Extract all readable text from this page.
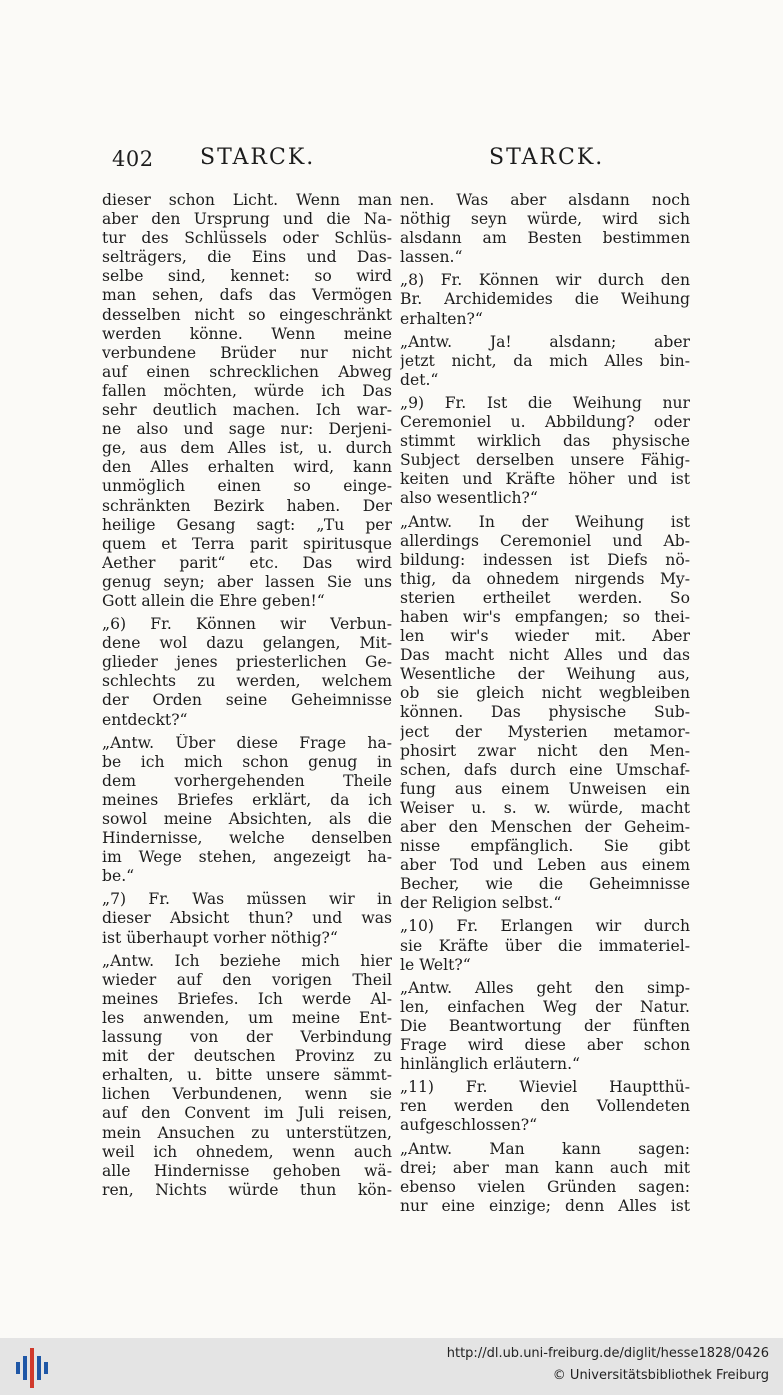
402 STARCK.	STARCK.
dieser schon Licht. Wenn man
aber den Ursprung und die Na-
tur des Schlüssels oder Schlüs-
selträgers, die Eins und Das-
selbe sind, kennet: so wird
man sehen, dafs das Vermögen
desselben nicht so eingeschränkt
werden könne. Wenn meine
verbundene Brüder nur nicht
auf einen schrecklichen Abweg
fallen möchten, würde ich Das
sehr deutlich machen. Ich war-
ne also und sage nur: Derjeni-
ge, aus dem Alles ist, u. durch
den Alles erhalten wird, kann
unmöglich einen so einge-
schränkten Bezirk haben. Der
heilige Gesang sagt: „Tu per
quem et Terra parit spiritusque
Aether parit“ etc. Das wird
genug seyn; aber lassen Sie uns
Gott allein die Ehre geben!“
„6) Fr. Können wir Verbun-
dene wol dazu gelangen, Mit-
glieder jenes priesterlichen Ge-
schlechts zu werden, welchem
der Orden seine Geheimnisse
entdeckt?“
„Antw. Über diese Frage ha-
be ich mich schon genug in
dem vorhergehenden Theile
meines Briefes erklärt, da ich
sowol meine Absichten, als die
Hindernisse, welche denselben
im Wege stehen, angezeigt ha-
be.“
„7) Fr. Was müssen wir in
dieser Absicht thun? und was
ist überhaupt vorher nöthig?“
„Antw. Ich beziehe mich hier
wieder auf den vorigen Theil
meines Briefes. Ich werde Al-
les anwenden, um meine Ent-
lassung von der Verbindung
mit der deutschen Provinz zu
erhalten, u. bitte unsere sämmt-
lichen Verbundenen, wenn sie
auf den Convent im Juli reisen,
mein Ansuchen zu unterstützen,
weil ich ohnedem, wenn auch
alle Hindernisse gehoben wä-
ren, Nichts würde thun kön-
nen. Was aber alsdann noch
nöthig seyn würde, wird sich
alsdann am Besten bestimmen
lassen.“
„8) Fr. Können wir durch den
Br. Archidemides die Weihung
erhalten?“
„Antw. Ja! alsdann; aber
jetzt nicht, da mich Alles bin-
det.“
„9) Fr. Ist die Weihung nur
Ceremoniel u. Abbildung? oder
stimmt wirklich das physische
Subject derselben unsere Fähig-
keiten und Kräfte höher und ist
also wesentlich?“
„Antw. In der Weihung ist
allerdings Ceremoniel und Ab-
bildung: indessen ist Diefs nö-
thig, da ohnedem nirgends My-
sterien ertheilet werden. So
haben wir's empfangen; so thei-
len wir's wieder mit. Aber
Das macht nicht Alles und das
Wesentliche der Weihung aus,
ob sie gleich nicht wegbleiben
können. Das physische Sub-
ject der Mysterien metamor-
phosirt zwar nicht den Men-
schen, dafs durch eine Umschaf-
fung aus einem Unweisen ein
Weiser u. s. w. würde, macht
aber den Menschen der Geheim-
nisse empfänglich. Sie gibt
aber Tod und Leben aus einem
Becher, wie die Geheimnisse
der Religion selbst.“
„10) Fr. Erlangen wir durch
sie Kräfte über die immateriel-
le Welt?“
„Antw. Alles geht den simp-
len, einfachen Weg der Natur.
Die Beantwortung der fünften
Frage wird diese aber schon
hinlänglich erläutern.“
„11) Fr. Wieviel Hauptthü-
ren werden den Vollendeten
aufgeschlossen?“
„Antw. Man kann sagen:
drei; aber man kann auch mit
ebenso vielen Gründen sagen:
nur eine einzige; denn Alles ist
http://dl.ub.uni-freiburg.de/diglit/hesse1828/0426
© Universitätsbibliothek Freiburg
